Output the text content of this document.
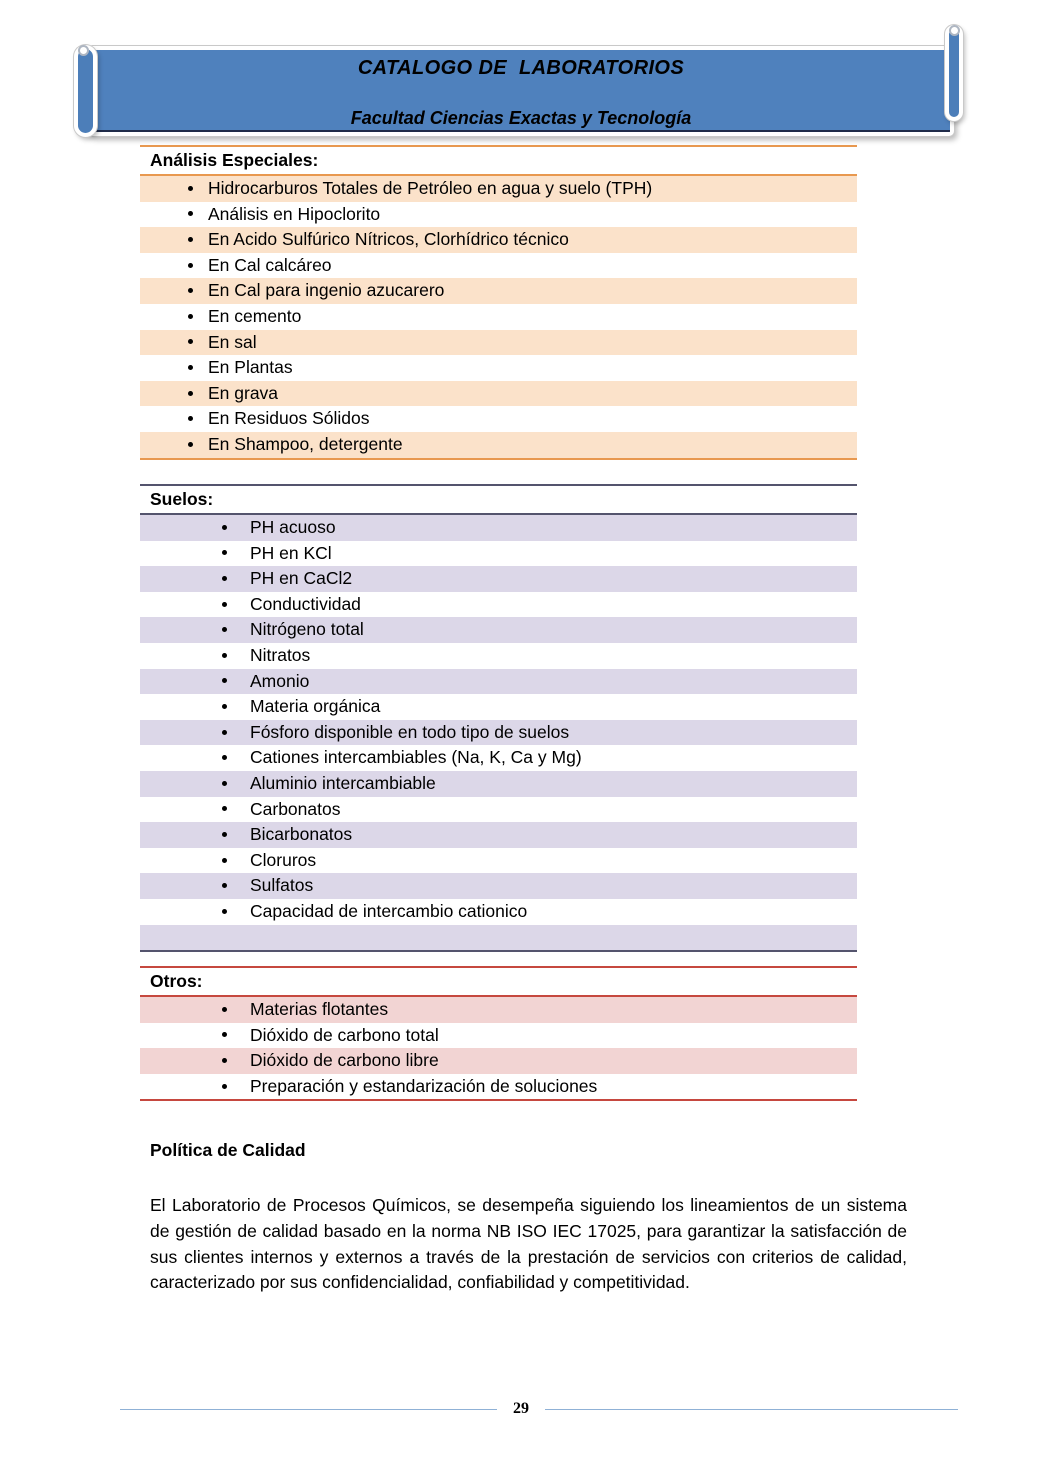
CATALOGO DE  LABORATORIOS
Facultad Ciencias Exactas y Tecnología
Análisis Especiales:
Hidrocarburos Totales de Petróleo en agua y suelo (TPH)
Análisis en Hipoclorito
En Acido Sulfúrico Nítricos, Clorhídrico técnico
En Cal calcáreo
En Cal para ingenio azucarero
En cemento
En sal
En Plantas
En grava
En Residuos Sólidos
En Shampoo, detergente
Suelos:
PH acuoso
PH en KCl
PH en CaCl2
Conductividad
Nitrógeno total
Nitratos
Amonio
Materia orgánica
Fósforo disponible en todo tipo de suelos
Cationes intercambiables (Na, K, Ca y Mg)
Aluminio intercambiable
Carbonatos
Bicarbonatos
Cloruros
Sulfatos
Capacidad de intercambio cationico
Otros:
Materias flotantes
Dióxido de carbono total
Dióxido de carbono libre
Preparación y estandarización de soluciones
Política de Calidad

El Laboratorio de Procesos Químicos, se desempeña siguiendo los lineamientos de un sistema de gestión de calidad basado en la norma NB ISO IEC 17025, para garantizar la satisfacción de sus clientes internos y externos a través de la prestación de servicios con criterios de calidad, caracterizado por sus confidencialidad, confiabilidad y competitividad.

29
